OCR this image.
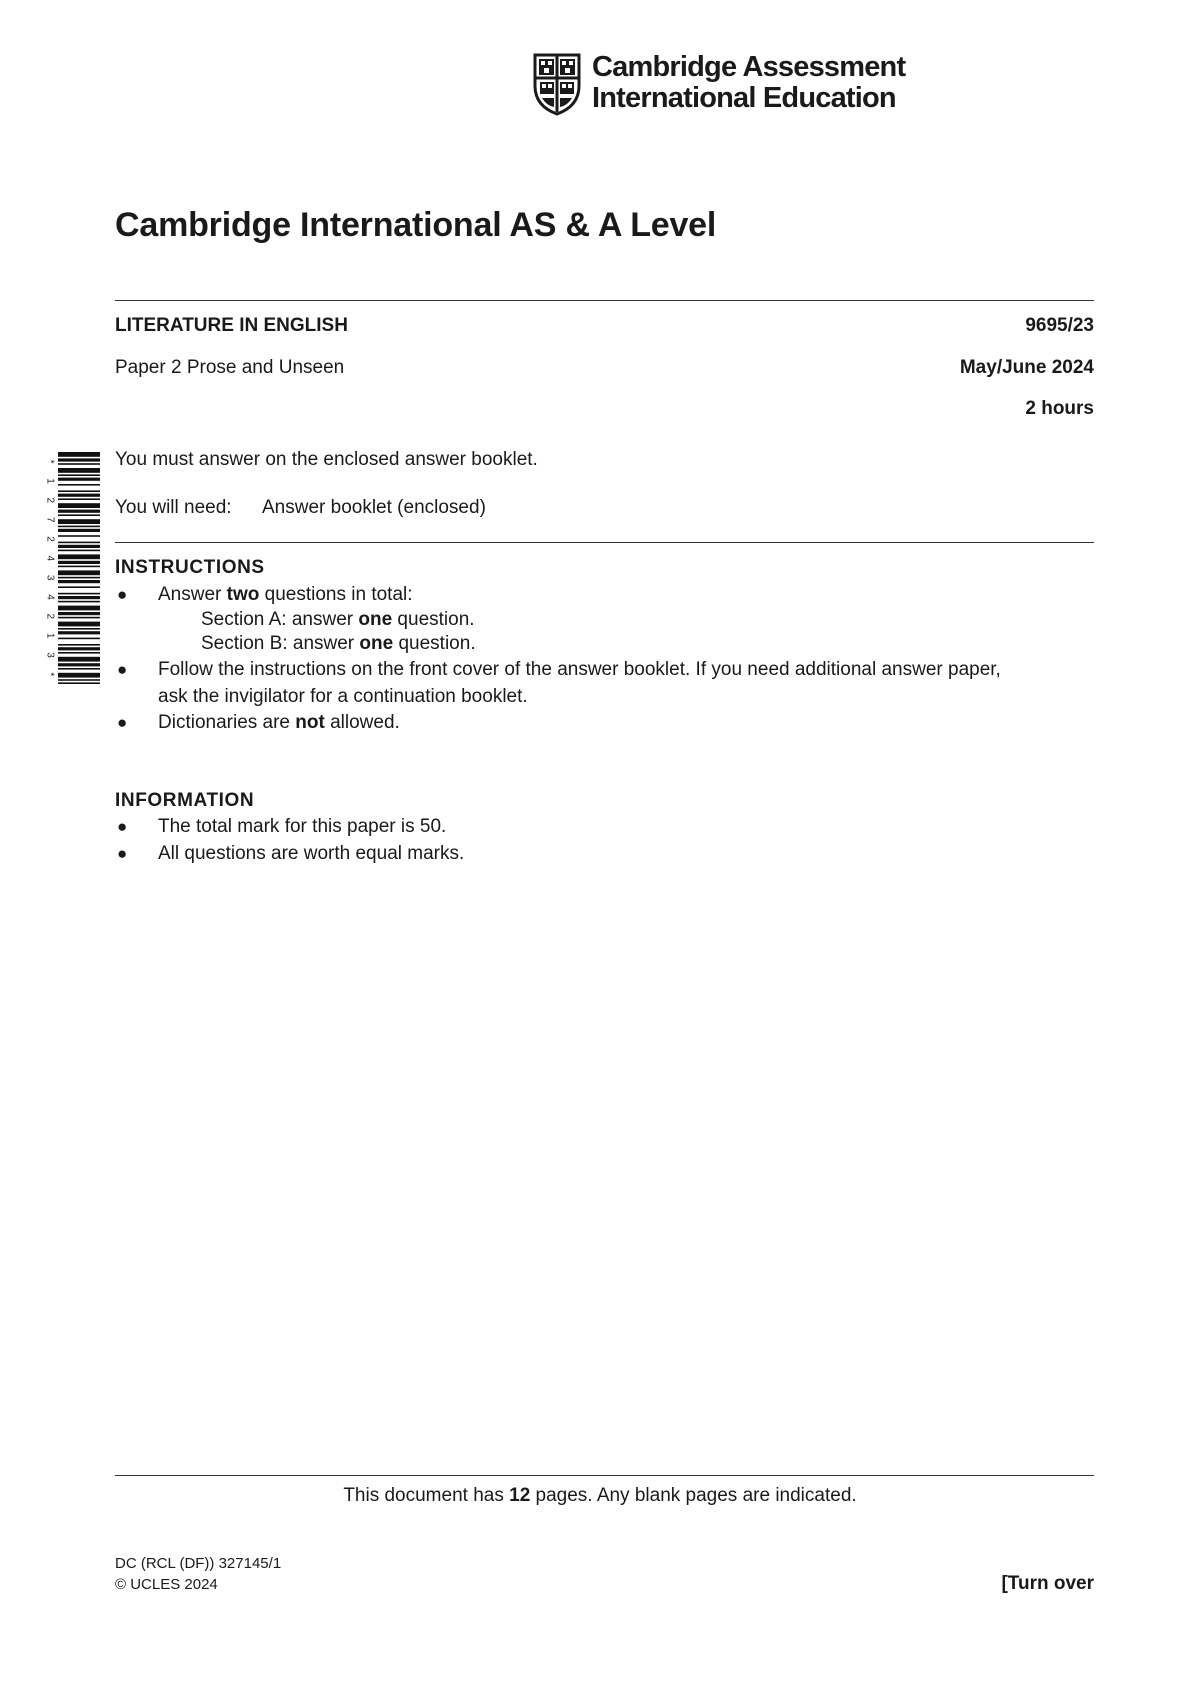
Cambridge Assessment
International Education
Cambridge International AS & A Level
LITERATURE IN ENGLISH	9695/23
Paper 2 Prose and Unseen	May/June 2024
2 hours
*
1
2
7
2
4
3
4
2
1
3
*
You must answer on the enclosed answer booklet.
You will need: Answer booklet (enclosed)
INSTRUCTIONS
● Answer two questions in total:
Section A: answer one question.
Section B: answer one question.
● Follow the instructions on the front cover of the answer booklet. If you need additional answer paper,
ask the invigilator for a continuation booklet.
● Dictionaries are not allowed.
INFORMATION
● The total mark for this paper is 50.
● All questions are worth equal marks.
This document has 12 pages. Any blank pages are indicated.
DC (RCL (DF)) 327145/1
© UCLES 2024	[Turn over
